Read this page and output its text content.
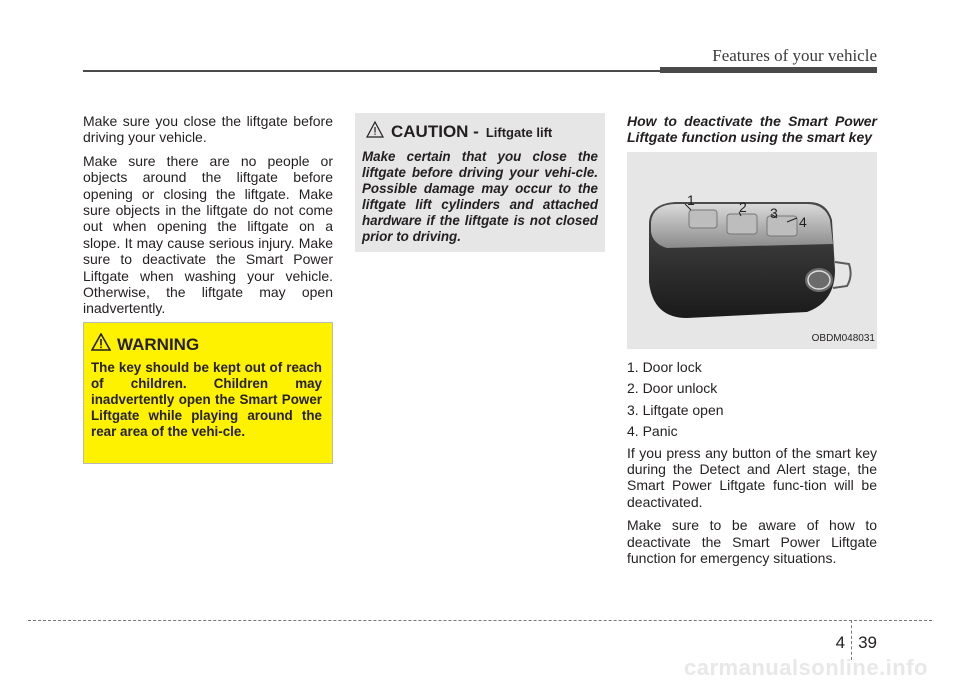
Features of your vehicle

Make sure you close the liftgate before driving your vehicle.

Make sure there are no people or objects around the liftgate before opening or closing the liftgate. Make sure objects in the liftgate do not come out when opening the liftgate on a slope. It may cause serious injury. Make sure to deactivate the Smart Power Liftgate when washing your vehicle. Otherwise, the liftgate may open inadvertently.

WARNING
The key should be kept out of reach of children. Children may inadvertently open the Smart Power Liftgate while playing around the rear area of the vehi-cle.
CAUTION - Liftgate lift
Make certain that you close the liftgate before driving your vehi-cle. Possible damage may occur to the liftgate lift cylinders and attached hardware if the liftgate is not closed prior to driving.

How to deactivate the Smart Power Liftgate function using the smart key

1	2 3
4
OBDM048031

1. Door lock

2. Door unlock

3. Liftgate open

4. Panic

If you press any button of the smart key during the Detect and Alert stage, the Smart Power Liftgate func-tion will be deactivated.

Make sure to be aware of how to deactivate the Smart Power Liftgate function for emergency situations.

4 39
carmanualsonline.info
